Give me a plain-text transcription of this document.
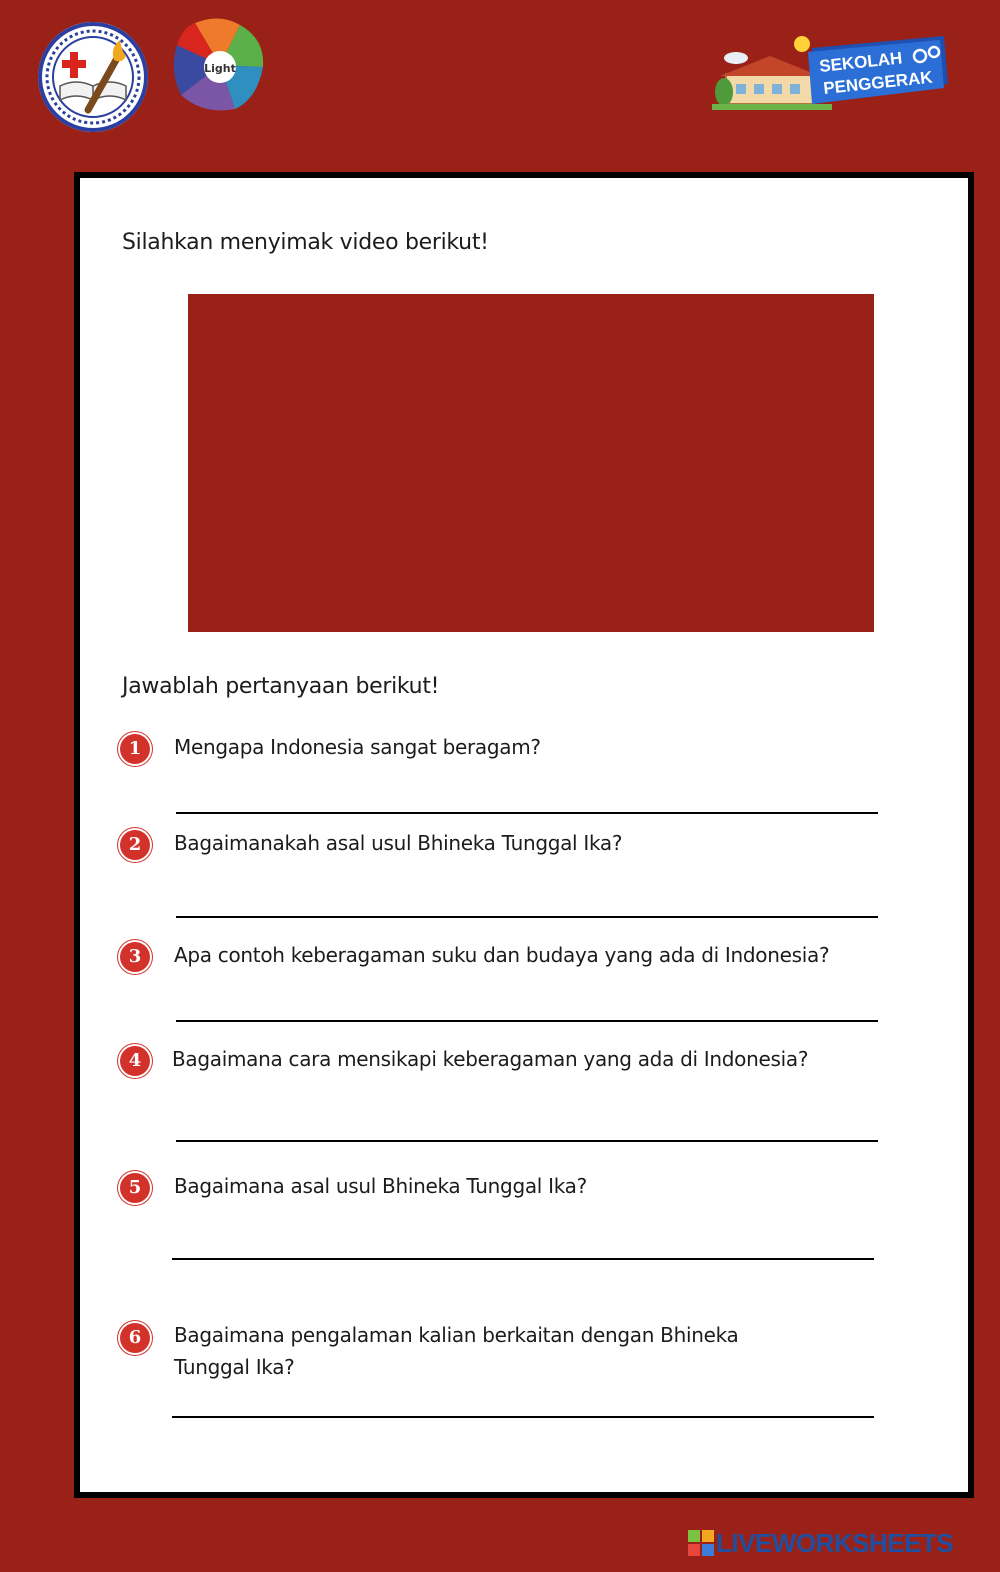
Light	SEKOLAH
PENGGERAK
Silahkan menyimak video berikut!
Jawablah pertanyaan berikut!
1	Mengapa Indonesia sangat beragam?
2	Bagaimanakah asal usul Bhineka Tunggal Ika?
3	Apa contoh keberagaman suku dan budaya yang ada di Indonesia?
4	Bagaimana cara mensikapi keberagaman yang ada di Indonesia?
5	Bagaimana asal usul Bhineka Tunggal Ika?
6	Bagaimana pengalaman kalian berkaitan dengan Bhineka Tunggal Ika?
LIVEWORKSHEETS
